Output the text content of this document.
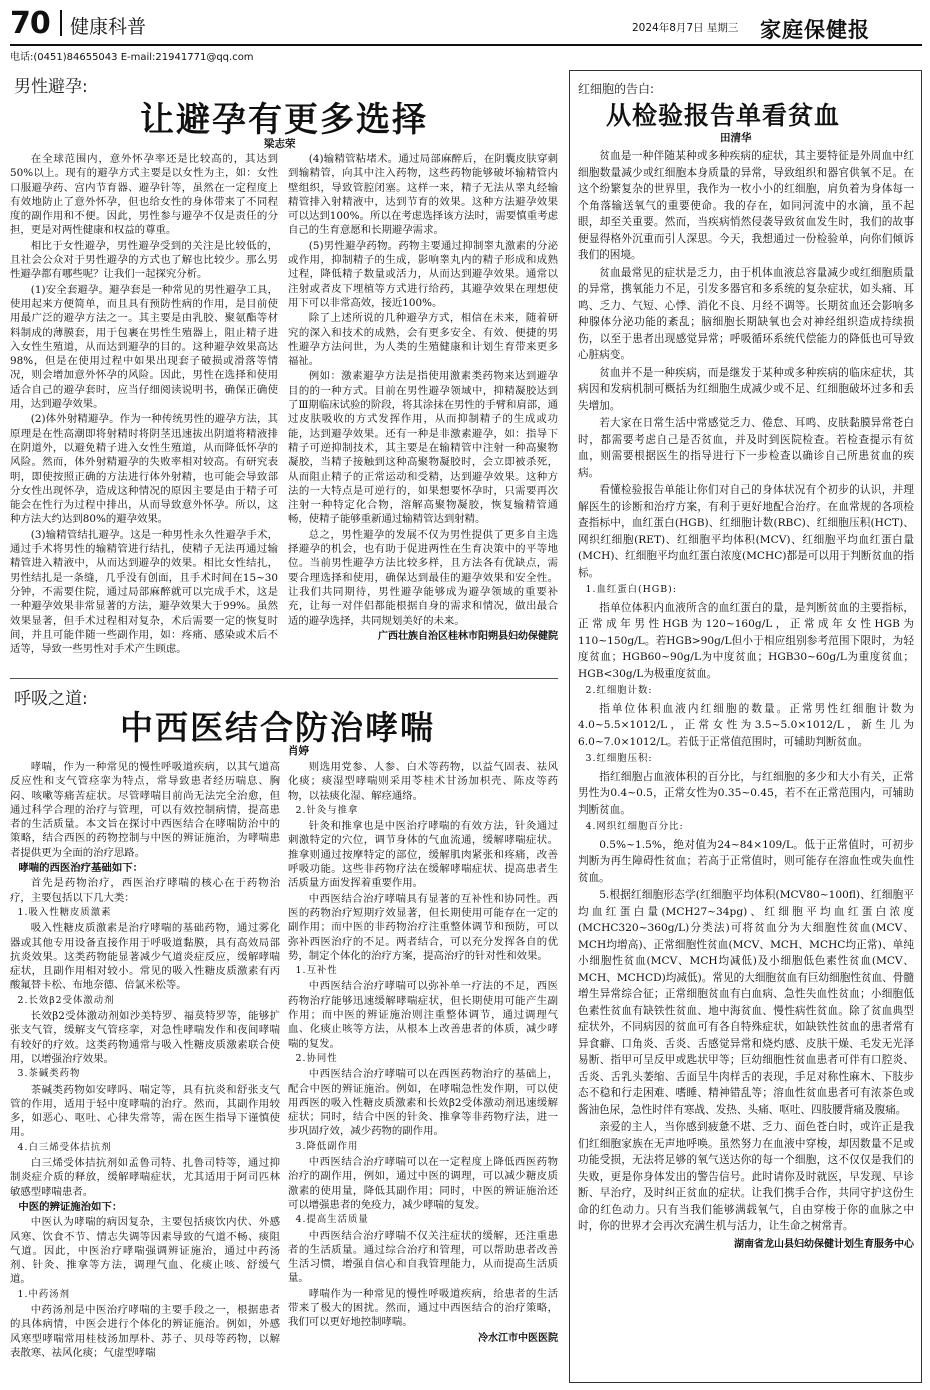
70 健康科普	2024年8月7日 星期三 家庭保健报
电话:(0451)84655043 E-mail:21941771@qq.com
男性避孕:
让避孕有更多选择
梁志荣

在全球范围内，意外怀孕率还是比较高的，其达到50%以上。现有的避孕方式主要是以女性为主，如：女性口服避孕药、宫内节育器、避孕针等，虽然在一定程度上有效地防止了意外怀孕，但也给女性的身体带来了不同程度的副作用和不便。因此，男性参与避孕不仅是责任的分担，更是对两性健康和权益的尊重。

相比于女性避孕，男性避孕受到的关注是比较低的，且社会公众对于男性避孕的方式也了解也比较少。那么男性避孕都有哪些呢？让我们一起探究分析。

(1)安全套避孕。避孕套是一种常见的男性避孕工具，使用起来方便简单，而且具有预防性病的作用，是目前使用最广泛的避孕方法之一。其主要是由乳胶、聚氨酯等材料制成的薄膜套，用于包裹在男性生殖器上，阻止精子进入女性生殖道，从而达到避孕的目的。这种避孕效果高达98%，但是在使用过程中如果出现套子破损或滑落等情况，则会增加意外怀孕的风险。因此，男性在选择和使用适合自己的避孕套时，应当仔细阅读说明书，确保正确使用，达到避孕效果。

(2)体外射精避孕。作为一种传统男性的避孕方法，其原理是在性高潮即将射精时将阴茎迅速拔出阴道将精液排在阴道外，以避免精子进入女性生殖道，从而降低怀孕的风险。然而，体外射精避孕的失败率相对较高。有研究表明，即使按照正确的方法进行体外射精，也可能会导致部分女性出现怀孕，造成这种情况的原因主要是由于精子可能会在性行为过程中排出，从而导致意外怀孕。所以，这种方法大约达到80%的避孕效果。

(3)输精管结扎避孕。这是一种男性永久性避孕手术，通过手术将男性的输精管进行结扎，使精子无法再通过输精管进入精液中，从而达到避孕的效果。相比女性结扎，男性结扎是一条缝，几乎没有创面，且手术时间在15~30分钟，不需要住院，通过局部麻醉就可以完成手术，这是一种避孕效果非常显著的方法，避孕效果大于99%。虽然效果显著，但手术过程相对复杂，术后需要一定的恢复时间，并且可能伴随一些副作用，如：疼痛、感染或术后不适等，导致一些男性对手术产生顾虑。

(4)输精管粘堵术。通过局部麻醉后，在阴囊皮肤穿刺到输精管，向其中注入药物，这些药物能够破坏输精管内壁组织，导致管腔闭塞。这样一来，精子无法从睾丸经输精管排入射精液中，达到节育的效果。这种方法避孕效果可以达到100%。所以在考虑选择该方法时，需要慎重考虑自己的生育意愿和长期避孕需求。

(5)男性避孕药物。药物主要通过抑制睾丸激素的分泌或作用，抑制精子的生成，影响睾丸内的精子形成和成熟过程，降低精子数量或活力，从而达到避孕效果。通常以注射或者皮下埋植等方式进行给药，其避孕效果在理想使用下可以非常高效，接近100%。

除了上述所说的几种避孕方式，相信在未来，随着研究的深入和技术的成熟，会有更多安全、有效、便捷的男性避孕方法问世，为人类的生殖健康和计划生育带来更多福祉。

例如：激素避孕方法是指使用激素类药物来达到避孕目的的一种方式。目前在男性避孕领域中，抑精凝胶达到了Ⅲ期临床试验的阶段，将其涂抹在男性的手臂和肩部，通过皮肤吸收的方式发挥作用，从而抑制精子的生成或功能，达到避孕效果。还有一种是非激素避孕，如：指导下精子可逆抑制技术，其主要是在输精管中注射一种高聚物凝胶，当精子接触到这种高聚物凝胶时，会立即被杀死，从而阻止精子的正常运动和受精，达到避孕效果。这种方法的一大特点是可逆行的，如果想要怀孕时，只需要再次注射一种特定化合物，溶解高聚物凝胶，恢复输精管通畅，使精子能够重新通过输精管达到射精。

总之，男性避孕的发展不仅为男性提供了更多自主选择避孕的机会，也有助于促进两性在生育决策中的平等地位。当前男性避孕方法比较多样，且方法各有优缺点，需要合理选择和使用，确保达到最佳的避孕效果和安全性。让我们共同期待，男性避孕能够成为避孕领域的重要补充，让每一对伴侣都能根据自身的需求和情况，做出最合适的避孕选择，共同规划美好的未来。

广西壮族自治区桂林市阳朔县妇幼保健院

呼吸之道:
中西医结合防治哮喘
肖婷

哮喘，作为一种常见的慢性呼吸道疾病，以其气道高反应性和支气管痉挛为特点，常导致患者经历喘息、胸闷、咳嗽等痛苦症状。尽管哮喘目前尚无法完全治愈，但通过科学合理的治疗与管理，可以有效控制病情，提高患者的生活质量。本文旨在探讨中西医结合在哮喘防治中的策略，结合西医的药物控制与中医的辨证施治，为哮喘患者提供更为全面的治疗思路。

哮喘的西医治疗基础如下：

首先是药物治疗，西医治疗哮喘的核心在于药物治疗，主要包括以下几大类：

1.吸入性糖皮质激素

吸入性糖皮质激素是治疗哮喘的基础药物，通过雾化器或其他专用设备直接作用于呼吸道黏膜，具有高效局部抗炎效果。这类药物能显著减少气道炎症反应，缓解哮喘症状，且副作用相对较小。常见的吸入性糖皮质激素有丙酸氟替卡松、布地奈德、倍氯米松等。

2.长效β2受体激动剂

长效β2受体激动剂如沙美特罗、福莫特罗等，能够扩张支气管，缓解支气管痉挛，对急性哮喘发作和夜间哮喘有较好的疗效。这类药物通常与吸入性糖皮质激素联合使用，以增强治疗效果。

3.茶碱类药物

茶碱类药物如安哮吗、喘定等，具有抗炎和舒张支气管的作用，适用于轻中度哮喘的治疗。然而，其副作用较多，如恶心、呕吐、心律失常等，需在医生指导下谨慎使用。

4.白三烯受体拮抗剂

白三烯受体拮抗剂如孟鲁司特、扎鲁司特等，通过抑制炎症介质的释放，缓解哮喘症状，尤其适用于阿司匹林敏感型哮喘患者。

中医的辨证施治如下：

中医认为哮喘的病因复杂，主要包括痰饮内伏、外感风寒、饮食不节、情志失调等因素导致的气道不畅、痰阻气道。因此，中医治疗哮喘强调辨证施治，通过中药汤剂、针灸、推拿等方法，调理气血、化痰止咳、舒缓气道。

1.中药汤剂

中药汤剂是中医治疗哮喘的主要手段之一，根据患者的具体病情，中医会进行个体化的辨证施治。例如，外感风寒型哮喘常用桂枝汤加厚朴、苏子、贝母等药物，以解表散寒、祛风化痰；气虚型哮喘

则选用党参、人参、白术等药物，以益气固表、祛风化痰；痰湿型哮喘则采用苓桂术甘汤加枳壳、陈皮等药物，以祛痰化湿、解痉通络。

2.针灸与推拿

针灸和推拿也是中医治疗哮喘的有效方法，针灸通过刺激特定的穴位，调节身体的气血流通，缓解哮喘症状。推拿则通过按摩特定的部位，缓解肌肉紧张和疼痛，改善呼吸功能。这些非药物疗法在缓解哮喘症状、提高患者生活质量方面发挥着重要作用。

中西医结合治疗哮喘具有显著的互补性和协同性。西医的药物治疗短期疗效显著，但长期使用可能存在一定的副作用；而中医的非药物治疗注重整体调节和预防，可以弥补西医治疗的不足。两者结合，可以充分发挥各自的优势，制定个体化的治疗方案，提高治疗的针对性和效果。

1.互补性

中西医结合治疗哮喘可以弥补单一疗法的不足，西医药物治疗能够迅速缓解哮喘症状，但长期使用可能产生副作用；而中医的辨证施治则注重整体调节，通过调理气血、化痰止咳等方法，从根本上改善患者的体质，减少哮喘的复发。

2.协同性

中西医结合治疗哮喘可以在西医药物治疗的基础上，配合中医的辨证施治。例如，在哮喘急性发作期，可以使用西医的吸入性糖皮质激素和长效β2受体激动剂迅速缓解症状；同时，结合中医的针灸、推拿等非药物疗法，进一步巩固疗效，减少药物的副作用。

3.降低副作用

中西医结合治疗哮喘可以在一定程度上降低西医药物治疗的副作用，例如，通过中医的调理，可以减少糖皮质激素的使用量，降低其副作用；同时，中医的辨证施治还可以增强患者的免疫力，减少哮喘的复发。

4.提高生活质量

中西医结合治疗哮喘不仅关注症状的缓解，还注重患者的生活质量。通过综合治疗和管理，可以帮助患者改善生活习惯，增强自信心和自我管理能力，从而提高生活质量。

哮喘作为一种常见的慢性呼吸道疾病，给患者的生活带来了极大的困扰。然而，通过中西医结合的治疗策略，我们可以更好地控制哮喘。

冷水江市中医医院

红细胞的告白:
从检验报告单看贫血
田清华

贫血是一种伴随某种或多种疾病的症状，其主要特征是外周血中红细胞数量减少或红细胞本身质量的异常，导致组织和器官供氧不足。在这个纷繁复杂的世界里，我作为一枚小小的红细胞，肩负着为身体每一个角落输送氧气的重要使命。我的存在，如同河流中的水滴，虽不起眼，却至关重要。然而，当疾病悄然侵袭导致贫血发生时，我们的故事便显得格外沉重而引人深思。今天，我想通过一份检验单，向你们倾诉我们的困境。

贫血最常见的症状是乏力，由于机体血液总容量减少或红细胞质量的异常，携氧能力不足，引发多器官和多系统的复杂症状，如头痛、耳鸣、乏力、气短、心悸、消化不良、月经不调等。长期贫血还会影响多种腺体分泌功能的紊乱；脑细胞长期缺氧也会对神经组织造成持续损伤，以至于患者出现感觉异常；呼吸循环系统代偿能力的降低也可导致心脏病变。

贫血并不是一种疾病，而是继发于某种或多种疾病的临床症状，其病因和发病机制可概括为红细胞生成减少或不足、红细胞破坏过多和丢失增加。

若大家在日常生活中常感觉乏力、倦怠、耳鸣、皮肤黏膜异常苍白时，都需要考虑自己是否贫血，并及时到医院检查。若检查提示有贫血，则需要根据医生的指导进行下一步检查以确诊自己所患贫血的疾病。

看懂检验报告单能让你们对自己的身体状况有个初步的认识，并理解医生的诊断和治疗方案，有利于更好地配合治疗。在血常规的各项检查指标中，血红蛋白(HGB)、红细胞计数(RBC)、红细胞压积(HCT)、网织红细胞(RET)、红细胞平均体积(MCV)、红细胞平均血红蛋白量(MCH)、红细胞平均血红蛋白浓度(MCHC)都是可以用于判断贫血的指标。

1.血红蛋白(HGB):

指单位体积内血液所含的血红蛋白的量，是判断贫血的主要指标，正常成年男性HGB为120~160g/L，正常成年女性HGB为110~150g/L。若HGB>90g/L但小于相应组别参考范围下限时，为轻度贫血；HGB60~90g/L为中度贫血；HGB30~60g/L为重度贫血；HGB<30g/L为极重度贫血。

2.红细胞计数:

指单位体积血液内红细胞的数量。正常男性红细胞计数为4.0~5.5×1012/L，正常女性为3.5~5.0×1012/L，新生儿为6.0~7.0×1012/L。若低于正常值范围时，可辅助判断贫血。

3.红细胞压积:

指红细胞占血液体积的百分比，与红细胞的多少和大小有关，正常男性为0.4~0.5，正常女性为0.35~0.45，若不在正常范围内，可辅助判断贫血。

4.网织红细胞百分比:

0.5%~1.5%，绝对值为24~84×109/L。低于正常值时，可初步判断为再生障碍性贫血；若高于正常值时，则可能存在溶血性或失血性贫血。

5.根据红细胞形态学(红细胞平均体积(MCV80~100fl)、红细胞平均血红蛋白量(MCH27~34pg)、红细胞平均血红蛋白浓度(MCHC320~360g/L)分类法)可将贫血分为大细胞性贫血(MCV、MCH均增高)、正常细胞性贫血(MCV、MCH、MCHC均正常)、单纯小细胞性贫血(MCV、MCH均减低)及小细胞低色素性贫血(MCV、MCH、MCHCD)均减低)。常见的大细胞贫血有巨幼细胞性贫血、骨髓增生异常综合征；正常细胞贫血有白血病、急性失血性贫血；小细胞低色素性贫血有缺铁性贫血、地中海贫血、慢性病性贫血。除了贫血典型症状外，不同病因的贫血可有各自特殊症状，如缺铁性贫血的患者常有异食癖、口角炎、舌炎、舌感觉异常和烧灼感、皮肤干燥、毛发无光泽易断、指甲可呈反甲或匙状甲等；巨幼细胞性贫血患者可伴有口腔炎、舌炎、舌乳头萎缩、舌面呈牛肉样舌的表现，手足对称性麻木、下肢步态不稳和行走困难、嗜睡、精神错乱等；溶血性贫血患者可有浓茶色或酱油色尿，急性时伴有寒战、发热、头痛、呕吐、四肢腰背痛及腹痛。

亲爱的主人，当你感到疲惫不堪、乏力、面色苍白时，或许正是我们红细胞家族在无声地呼唤。虽然努力在血液中穿梭，却因数量不足或功能受损，无法将足够的氧气送达你的每一个细胞，这不仅仅是我们的失败，更是你身体发出的警告信号。此时请你及时就医，早发现、早诊断、早治疗，及时纠正贫血的症状。让我们携手合作，共同守护这份生命的红色动力。只有当我们能够满载氧气，自由穿梭于你的血脉之中时，你的世界才会再次充满生机与活力，让生命之树常青。

湖南省龙山县妇幼保健计划生育服务中心
